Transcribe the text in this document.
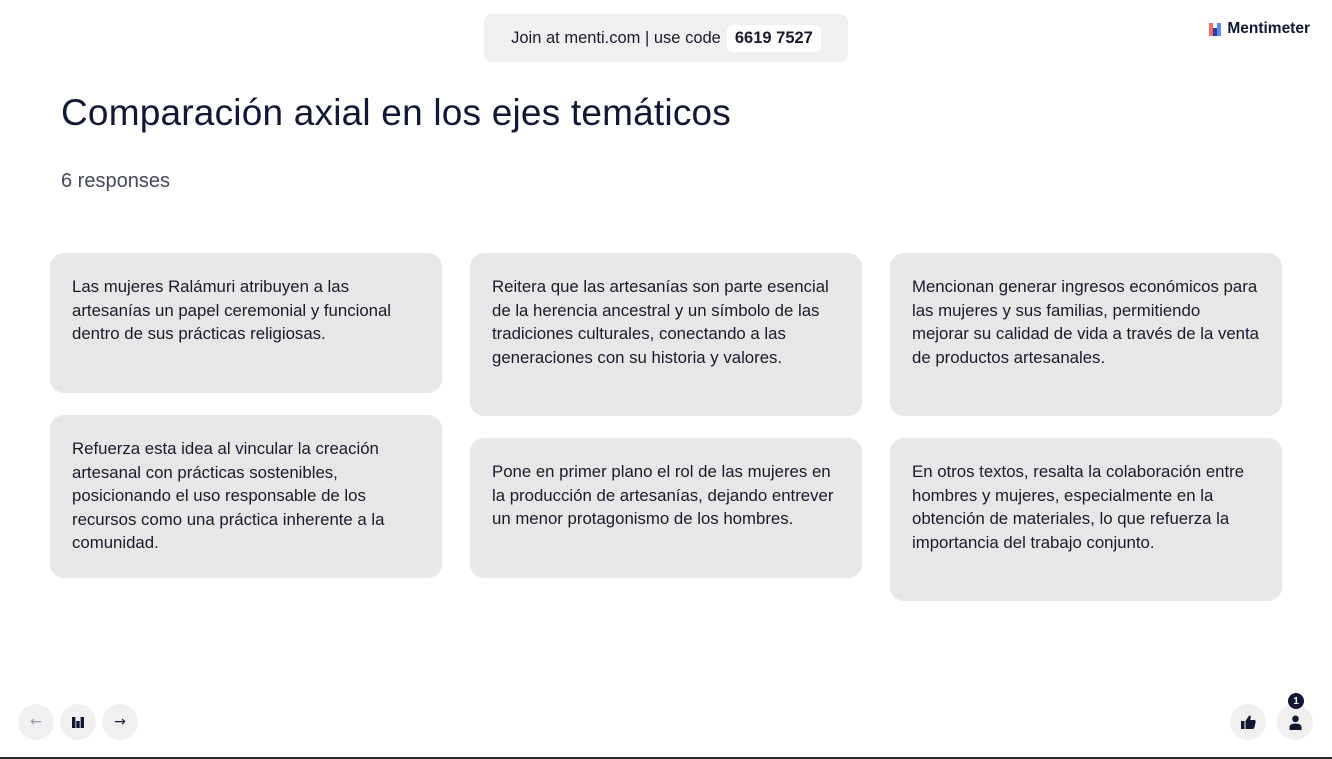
Join at menti.com | use code 6619 7527	Mentimeter
Comparación axial en los ejes temáticos
6 responses
Las mujeres Ralámuri atribuyen a las artesanías un papel ceremonial y funcional dentro de sus prácticas religiosas.
Refuerza esta idea al vincular la creación artesanal con prácticas sostenibles, posicionando el uso responsable de los recursos como una práctica inherente a la comunidad.
Reitera que las artesanías son parte esencial de la herencia ancestral y un símbolo de las tradiciones culturales, conectando a las generaciones con su historia y valores.
Pone en primer plano el rol de las mujeres en la producción de artesanías, dejando entrever un menor protagonismo de los hombres.
Mencionan generar ingresos económicos para las mujeres y sus familias, permitiendo mejorar su calidad de vida a través de la venta de productos artesanales.
En otros textos, resalta la colaboración entre hombres y mujeres, especialmente en la obtención de materiales, lo que refuerza la importancia del trabajo conjunto.
←	→
1
